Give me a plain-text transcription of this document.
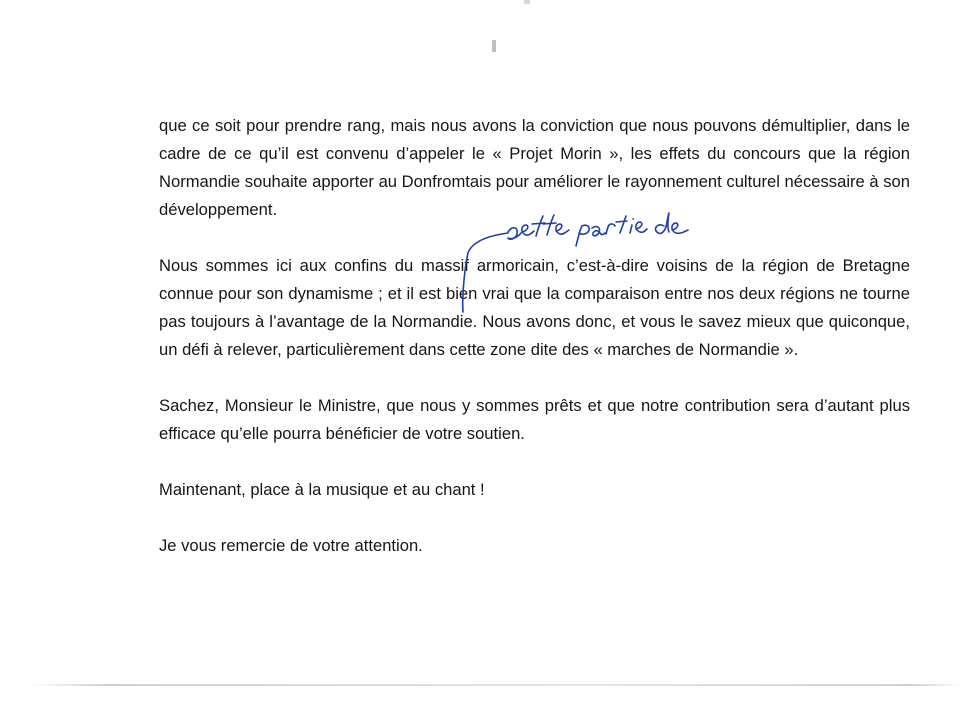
que ce soit pour prendre rang, mais nous avons la conviction que nous pouvons démultiplier, dans le cadre de ce qu’il est convenu d’appeler le « Projet Morin », les effets du concours que la région Normandie souhaite apporter au Donfromtais pour améliorer le rayonnement culturel nécessaire à son développement.

Nous sommes ici aux confins du massif armoricain, c’est-à-dire voisins de la région de Bretagne connue pour son dynamisme ; et il est bien vrai que la comparaison entre nos deux régions ne tourne pas toujours à l’avantage de la Normandie. Nous avons donc, et vous le savez mieux que quiconque, un défi à relever, particulièrement dans cette zone dite des « marches de Normandie ».

Sachez, Monsieur le Ministre, que nous y sommes prêts et que notre contribution sera d’autant plus efficace qu’elle pourra bénéficier de votre soutien.

Maintenant, place à la musique et au chant !

Je vous remercie de votre attention.
